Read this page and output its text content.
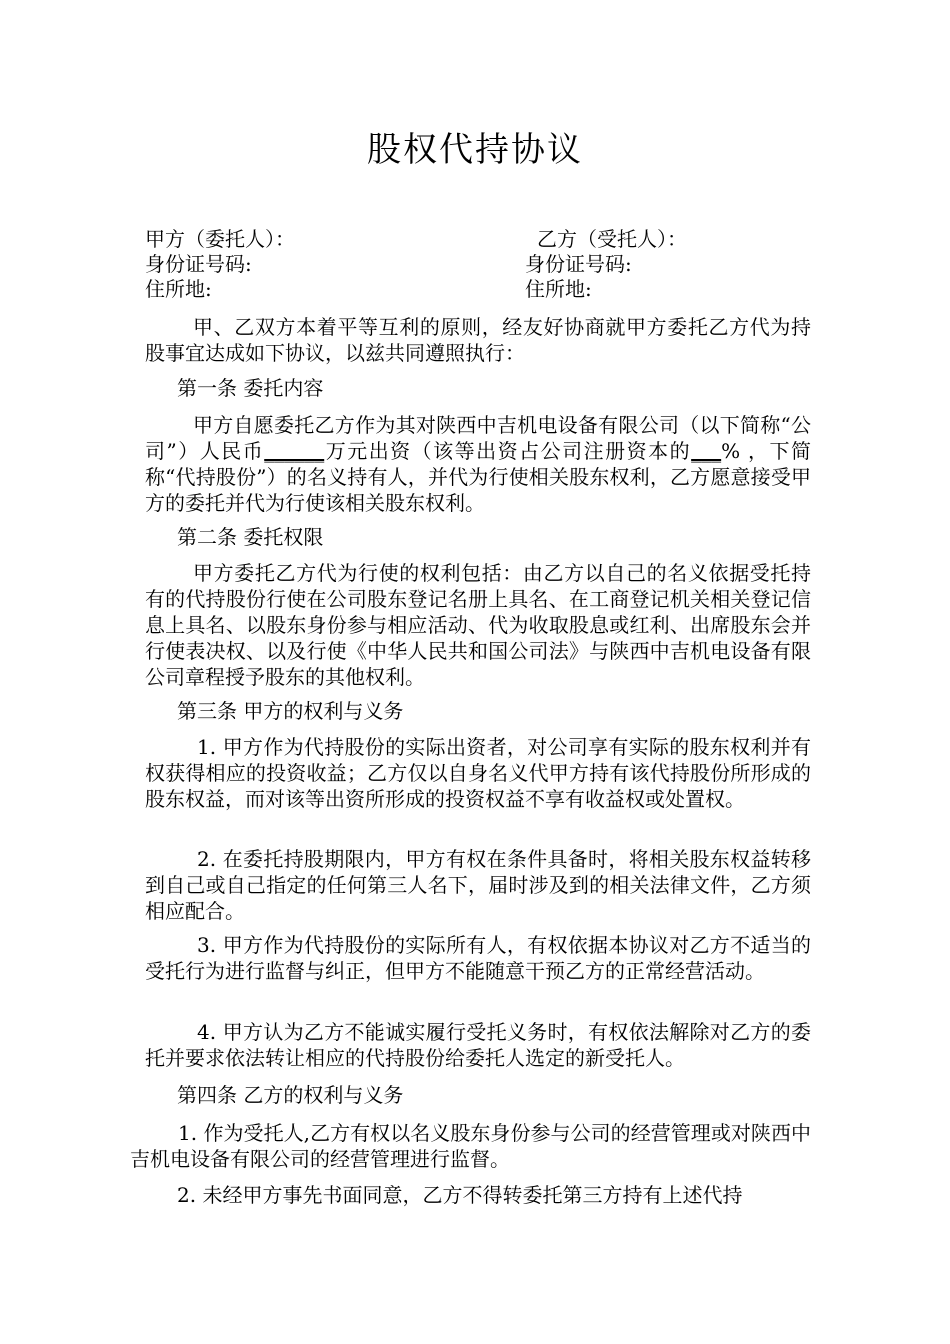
股权代持协议
甲方（委托人）：	乙方（受托人）：
身份证号码:	身份证号码:
住所地:	住所地:
甲、乙双方本着平等互利的原则，经友好协商就甲方委托乙方代为持股事宜达成如下协议，以兹共同遵照执行：
第一条 委托内容
甲方自愿委托乙方作为其对陕西中吉机电设备有限公司（以下简称“公司”）人民币______万元出资（该等出资占公司注册资本的___% ，下简称“代持股份”）的名义持有人，并代为行使相关股东权利，乙方愿意接受甲方的委托并代为行使该相关股东权利。
第二条 委托权限
甲方委托乙方代为行使的权利包括：由乙方以自己的名义依据受托持有的代持股份行使在公司股东登记名册上具名、在工商登记机关相关登记信息上具名、以股东身份参与相应活动、代为收取股息或红利、出席股东会并行使表决权、以及行使《中华人民共和国公司法》与陕西中吉机电设备有限公司章程授予股东的其他权利。
第三条 甲方的权利与义务
1. 甲方作为代持股份的实际出资者，对公司享有实际的股东权利并有权获得相应的投资收益；乙方仅以自身名义代甲方持有该代持股份所形成的股东权益，而对该等出资所形成的投资权益不享有收益权或处置权。
2. 在委托持股期限内，甲方有权在条件具备时，将相关股东权益转移到自己或自己指定的任何第三人名下，届时涉及到的相关法律文件，乙方须相应配合。
3. 甲方作为代持股份的实际所有人，有权依据本协议对乙方不适当的受托行为进行监督与纠正，但甲方不能随意干预乙方的正常经营活动。
4. 甲方认为乙方不能诚实履行受托义务时，有权依法解除对乙方的委托并要求依法转让相应的代持股份给委托人选定的新受托人。
第四条 乙方的权利与义务
1. 作为受托人,乙方有权以名义股东身份参与公司的经营管理或对陕西中吉机电设备有限公司的经营管理进行监督。
2. 未经甲方事先书面同意，乙方不得转委托第三方持有上述代持
